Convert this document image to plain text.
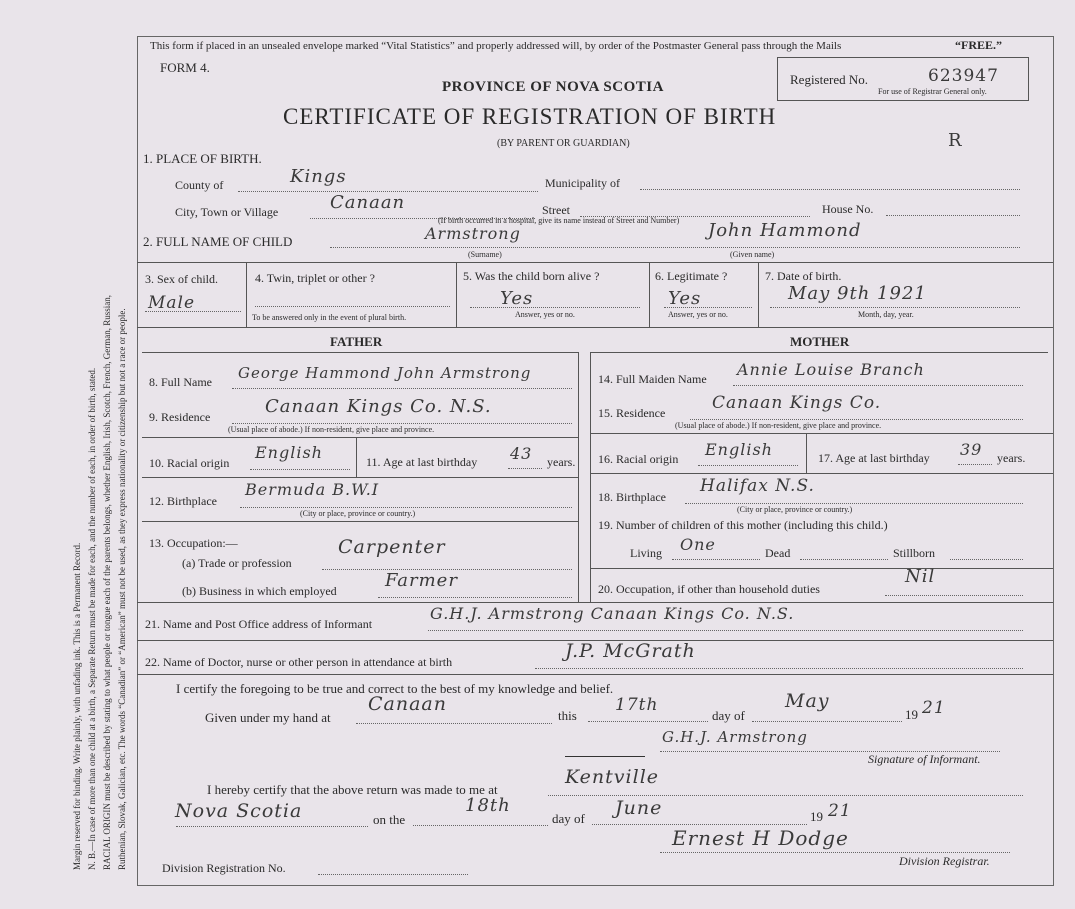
Margin reserved for binding. Write plainly, with unfading ink. This is a Permanent Record. N. B.—In case of more than one child at a birth, a Separate Return must be made for each, and the number of each, in order of birth, stated. RACIAL ORIGIN must be described by stating to what people or tongue each of the parents belongs, whether English, Irish, Scotch, French, German, Russian, Ruthenian, Slovak, Galician, etc. The words “Canadian” or “American” must not be used, as they express nationality or citizenship but not a race or people.
This form if placed in an unsealed envelope marked “Vital Statistics” and properly addressed will, by order of the Postmaster General pass through the Mails	“FREE.”
FORM 4.
PROVINCE OF NOVA SCOTIA
CERTIFICATE OF REGISTRATION OF BIRTH
(BY PARENT OR GUARDIAN)	R
Registered No.	623947
For use of Registrar General only.
1. PLACE OF BIRTH.
County of	Kings	Municipality of
City, Town or Village	Canaan	Street	House No.
(If birth occurred in a hospital, give its name instead of Street and Number)
2. FULL NAME OF CHILD	Armstrong	John Hammond
(Surname)	(Given name)
3. Sex of child.
Male
4. Twin, triplet or other ?
To be answered only in the event of plural birth.
5. Was the child born alive ?
Yes
Answer, yes or no.
6. Legitimate ?
Yes
Answer, yes or no.
7. Date of birth.
May 9th 1921
Month, day, year.
FATHER	MOTHER
8. Full Name George Hammond John Armstrong
9. Residence	Canaan Kings Co. N.S.
(Usual place of abode.) If non-resident, give place and province.
10. Racial origin
English	11. Age at last birthday 43 years.
12. Birthplace
Bermuda B.W.I
(City or place, province or country.)
13. Occupation:—
(a) Trade or profession
Carpenter
(b) Business in which employed	Farmer
14. Full Maiden Name Annie Louise Branch
15. Residence	Canaan Kings Co.
(Usual place of abode.) If non-resident, give place and province.
16. Racial origin English	17. Age at last birthday 39 years.
18. Birthplace
Halifax N.S.
(City or place, province or country.)
19. Number of children of this mother (including this child.)
Living One	Dead	Stillborn
20. Occupation, if other than household duties
Nil
21. Name and Post Office address of Informant
G.H.J. Armstrong Canaan Kings Co. N.S.
22. Name of Doctor, nurse or other person in attendance at birth	J.P. McGrath
I certify the foregoing to be true and correct to the best of my knowledge and belief.
Given under my hand at
Canaan
this
17th
day of
May
19 21
G.H.J. Armstrong
Signature of Informant.
I hereby certify that the above return was made to me at
Kentville
Nova Scotia	on the
18th
day of June	19 21
Ernest H Dodge
Division Registration No.	Division Registrar.
